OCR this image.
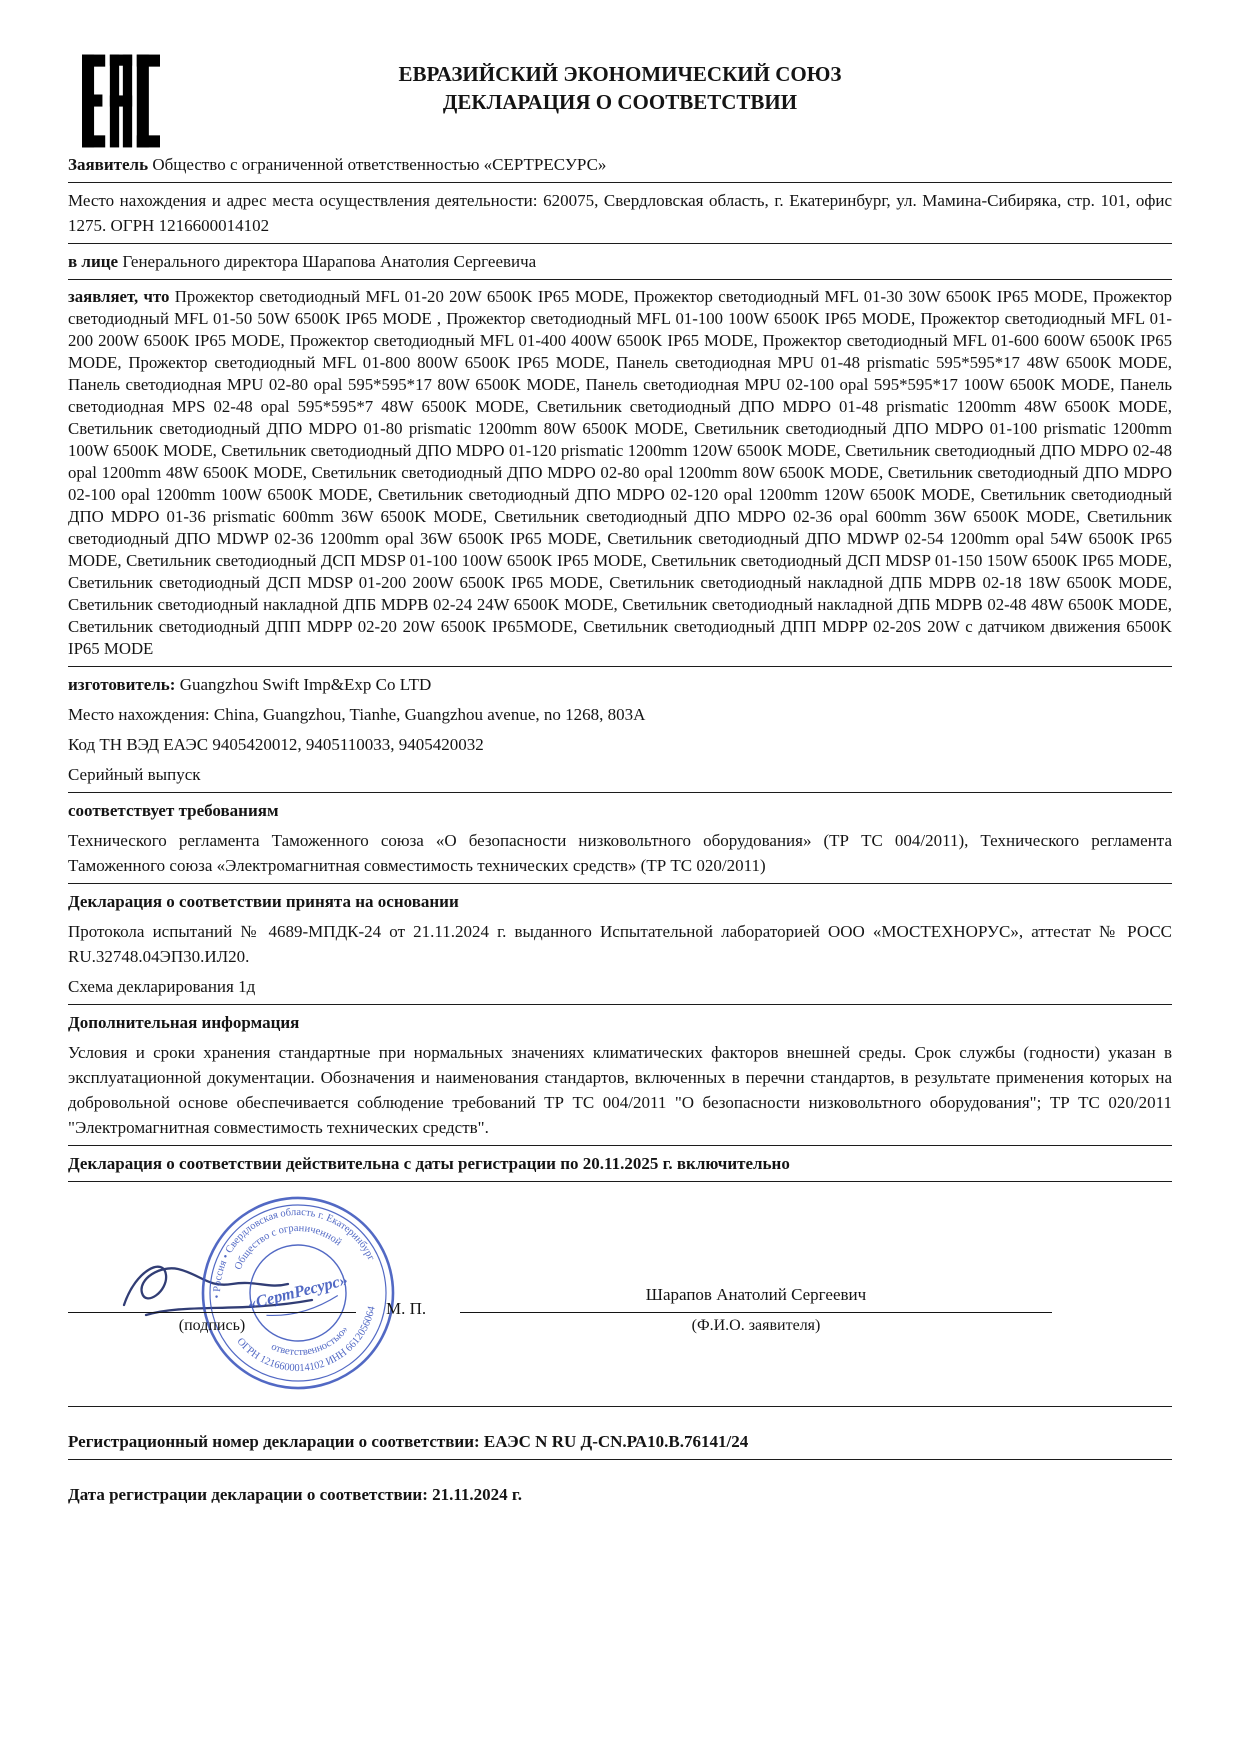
ЕВРАЗИЙСКИЙ ЭКОНОМИЧЕСКИЙ СОЮЗ
ДЕКЛАРАЦИЯ О СООТВЕТСТВИИ

Заявитель Общество с ограниченной ответственностью «СЕРТРЕСУРС»

Место нахождения и адрес места осуществления деятельности: 620075, Свердловская область, г. Екатеринбург, ул. Мамина-Сибиряка, стр. 101, офис 1275. ОГРН 1216600014102

в лице Генерального директора Шарапова Анатолия Сергеевича

заявляет, что Прожектор светодиодный MFL 01-20 20W 6500K IP65 MODE, Прожектор светодиодный MFL 01-30 30W 6500K IP65 MODE, Прожектор светодиодный MFL 01-50 50W 6500K IP65 MODE , Прожектор светодиодный MFL 01-100 100W 6500K IP65 MODE, Прожектор светодиодный MFL 01-200 200W 6500K IP65 MODE, Прожектор светодиодный MFL 01-400 400W 6500K IP65 MODE, Прожектор светодиодный MFL 01-600 600W 6500K IP65 MODE, Прожектор светодиодный MFL 01-800 800W 6500K IP65 MODE, Панель светодиодная MPU 01-48 prismatic 595*595*17 48W 6500K MODE, Панель светодиодная MPU 02-80 opal 595*595*17 80W 6500K MODE, Панель светодиодная MPU 02-100 opal 595*595*17 100W 6500K MODE, Панель светодиодная MPS 02-48 opal 595*595*7 48W 6500K MODE, Светильник светодиодный ДПО MDPO 01-48 prismatic 1200mm 48W 6500K MODE, Светильник светодиодный ДПО MDPO 01-80 prismatic 1200mm 80W 6500K MODE, Светильник светодиодный ДПО MDPO 01-100 prismatic 1200mm 100W 6500K MODE, Светильник светодиодный ДПО MDPO 01-120 prismatic 1200mm 120W 6500K MODE, Светильник светодиодный ДПО MDPO 02-48 opal 1200mm 48W 6500K MODE, Светильник светодиодный ДПО MDPO 02-80 opal 1200mm 80W 6500K MODE, Светильник светодиодный ДПО MDPO 02-100 opal 1200mm 100W 6500K MODE, Светильник светодиодный ДПО MDPO 02-120 opal 1200mm 120W 6500K MODE, Светильник светодиодный ДПО MDPO 01-36 prismatic 600mm 36W 6500K MODE, Светильник светодиодный ДПО MDPO 02-36 opal 600mm 36W 6500K MODE, Светильник светодиодный ДПО MDWP 02-36 1200mm opal 36W 6500K IP65 MODE, Светильник светодиодный ДПО MDWP 02-54 1200mm opal 54W 6500K IP65 MODE, Светильник светодиодный ДСП MDSP 01-100 100W 6500K IP65 MODE, Светильник светодиодный ДСП MDSP 01-150 150W 6500K IP65 MODE, Светильник светодиодный ДСП MDSP 01-200 200W 6500K IP65 MODE, Светильник светодиодный накладной ДПБ MDPB 02-18 18W 6500K MODE, Светильник светодиодный накладной ДПБ MDPB 02-24 24W 6500K MODE, Светильник светодиодный накладной ДПБ MDPB 02-48 48W 6500K MODE, Светильник светодиодный ДПП MDPP 02-20 20W 6500K IP65MODE, Светильник светодиодный ДПП MDPP 02-20S 20W с датчиком движения 6500K IP65 MODE

изготовитель: Guangzhou Swift Imp&Exp Co LTD

Место нахождения: China, Guangzhou, Tianhe, Guangzhou avenue, no 1268, 803A

Код ТН ВЭД ЕАЭС 9405420012, 9405110033, 9405420032

Серийный выпуск

соответствует требованиям

Технического регламента Таможенного союза «О безопасности низковольтного оборудования» (ТР ТС 004/2011), Технического регламента Таможенного союза «Электромагнитная совместимость технических средств» (ТР ТС 020/2011)

Декларация о соответствии принята на основании

Протокола испытаний № 4689-МПДК-24 от 21.11.2024 г. выданного Испытательной лабораторией ООО «МОСТЕХНОРУС», аттестат № РОСС RU.32748.04ЭП30.ИЛ20.

Схема декларирования 1д

Дополнительная информация

Условия и сроки хранения стандартные при нормальных значениях климатических факторов внешней среды. Срок службы (годности) указан в эксплуатационной документации. Обозначения и наименования стандартов, включенных в перечни стандартов, в результате применения которых на добровольной основе обеспечивается соблюдение требований ТР ТС 004/2011 "О безопасности низковольтного оборудования"; ТР ТС 020/2011 "Электромагнитная совместимость технических средств".

Декларация о соответствии действительна с даты регистрации по 20.11.2025 г. включительно

• Россия • Свердловская область г. Екатеринбург
ОГРН 1216600014102 ИНН 6612056064
Общество с ограниченной
ответственностью»
«СертРесурс» М. П.

(подпись)
Шарапов Анатолий Сергеевич
(Ф.И.О. заявителя)

Регистрационный номер декларации о соответствии: ЕАЭС N RU Д-CN.РА10.В.76141/24

Дата регистрации декларации о соответствии: 21.11.2024 г.
